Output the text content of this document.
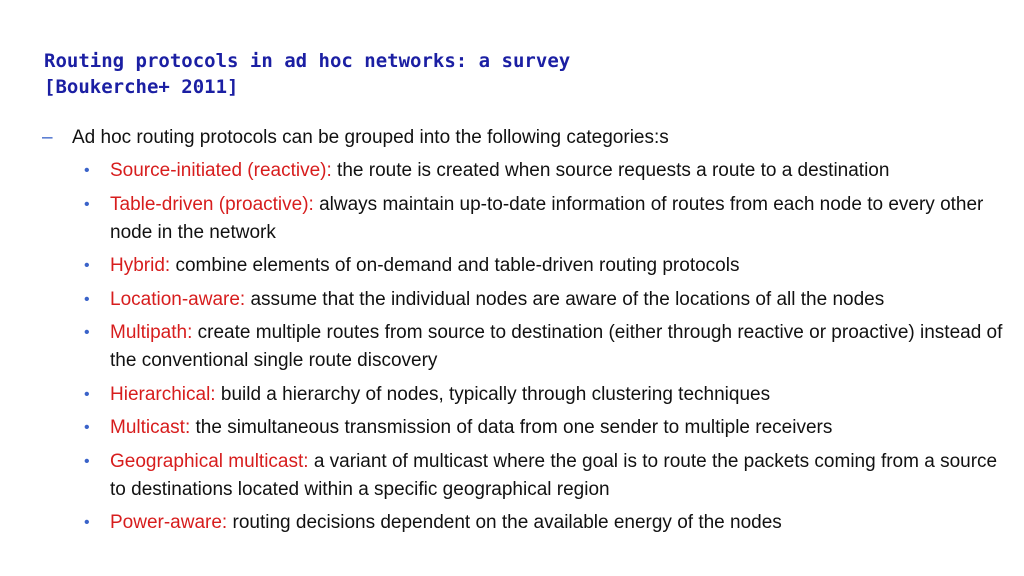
Routing protocols in ad hoc networks: a survey
[Boukerche+ 2011]
– Ad hoc routing protocols can be grouped into the following categories:s
• Source-initiated (reactive): the route is created when source requests a route to a destination
• Table-driven (proactive): always maintain up-to-date information of routes from each node to every other node in the network
• Hybrid: combine elements of on-demand and table-driven routing protocols
• Location-aware: assume that the individual nodes are aware of the locations of all the nodes
• Multipath: create multiple routes from source to destination (either through reactive or proactive) instead of the conventional single route discovery
• Hierarchical: build a hierarchy of nodes, typically through clustering techniques
• Multicast: the simultaneous transmission of data from one sender to multiple receivers
• Geographical multicast: a variant of multicast where the goal is to route the packets coming from a source to destinations located within a specific geographical region
• Power-aware: routing decisions dependent on the available energy of the nodes
